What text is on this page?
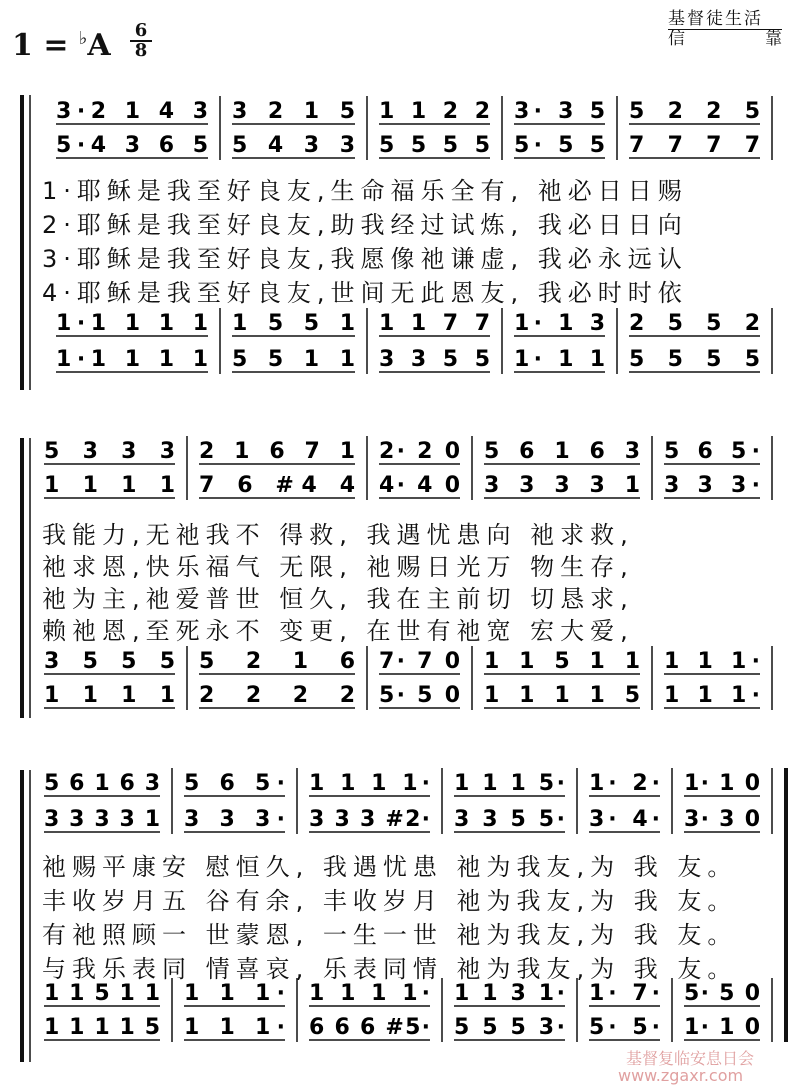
1 = ♭A 6
8
基督徒生活
信	靠
3·2 1 4 3
5·4 3 6 5
3 2 1 5
5 4 3 3
1 1 2 2
5 5 5 5
3· 3 5
5· 5 5
5 2 2 5
7 7 7 7
1·1 1 1 1
1·1 1 1 1
1 5 5 1
5 5 1 1
1 1 7 7
3 3 5 5
1· 1 3
1· 1 1
2 5 5 2
5 5 5 5
5 3 3 3
1 1 1 1
2 1 6 7 1
7 6 #4 4
2· 2 0
4· 4 0
5 6 1 6 3
3 3 3 3 1
5 6 5·
3 3 3·
3 5 5 5
1 1 1 1
5 2 1 6
2 2 2 2
7· 7 0
5· 5 0
1 1 5 1 1
1 1 1 1 5
1 1 1·
1 1 1·
5 6 1 6 3
3 3 3 3 1
5 6 5·
3 3 3·
1 1 1 1·
3 3 3 #2·
1 1 1 5·
3 3 5 5·
1· 2·
3· 4·
1· 1 0
3· 3 0
1 1 5 1 1
1 1 1 1 5
1 1 1·
1 1 1·
1 1 1 1·
6 6 6 #5·
1 1 3 1·
5 5 5 3·
1· 7·
5· 5·
5· 5 0
1· 1 0
1·耶稣是我至好良友,生命福乐全有, 祂必日日赐
2·耶稣是我至好良友,助我经过试炼, 我必日日向
3·耶稣是我至好良友,我愿像祂谦虚, 我必永远认
4·耶稣是我至好良友,世间无此恩友, 我必时时依
我能力,无祂我不 得救, 我遇忧患向 祂求救,
祂求恩,快乐福气 无限, 祂赐日光万 物生存,
祂为主,祂爱普世 恒久, 我在主前切 切恳求,
赖祂恩,至死永不 变更, 在世有祂宽 宏大爱,
祂赐平康安 慰恒久, 我遇忧患 祂为我友,为 我 友。
丰收岁月五 谷有余, 丰收岁月 祂为我友,为 我 友。
有祂照顾一 世蒙恩, 一生一世 祂为我友,为 我 友。
与我乐表同 情喜哀, 乐表同情 祂为我友,为 我 友。
基督复临安息日会
www.zgaxr.com
